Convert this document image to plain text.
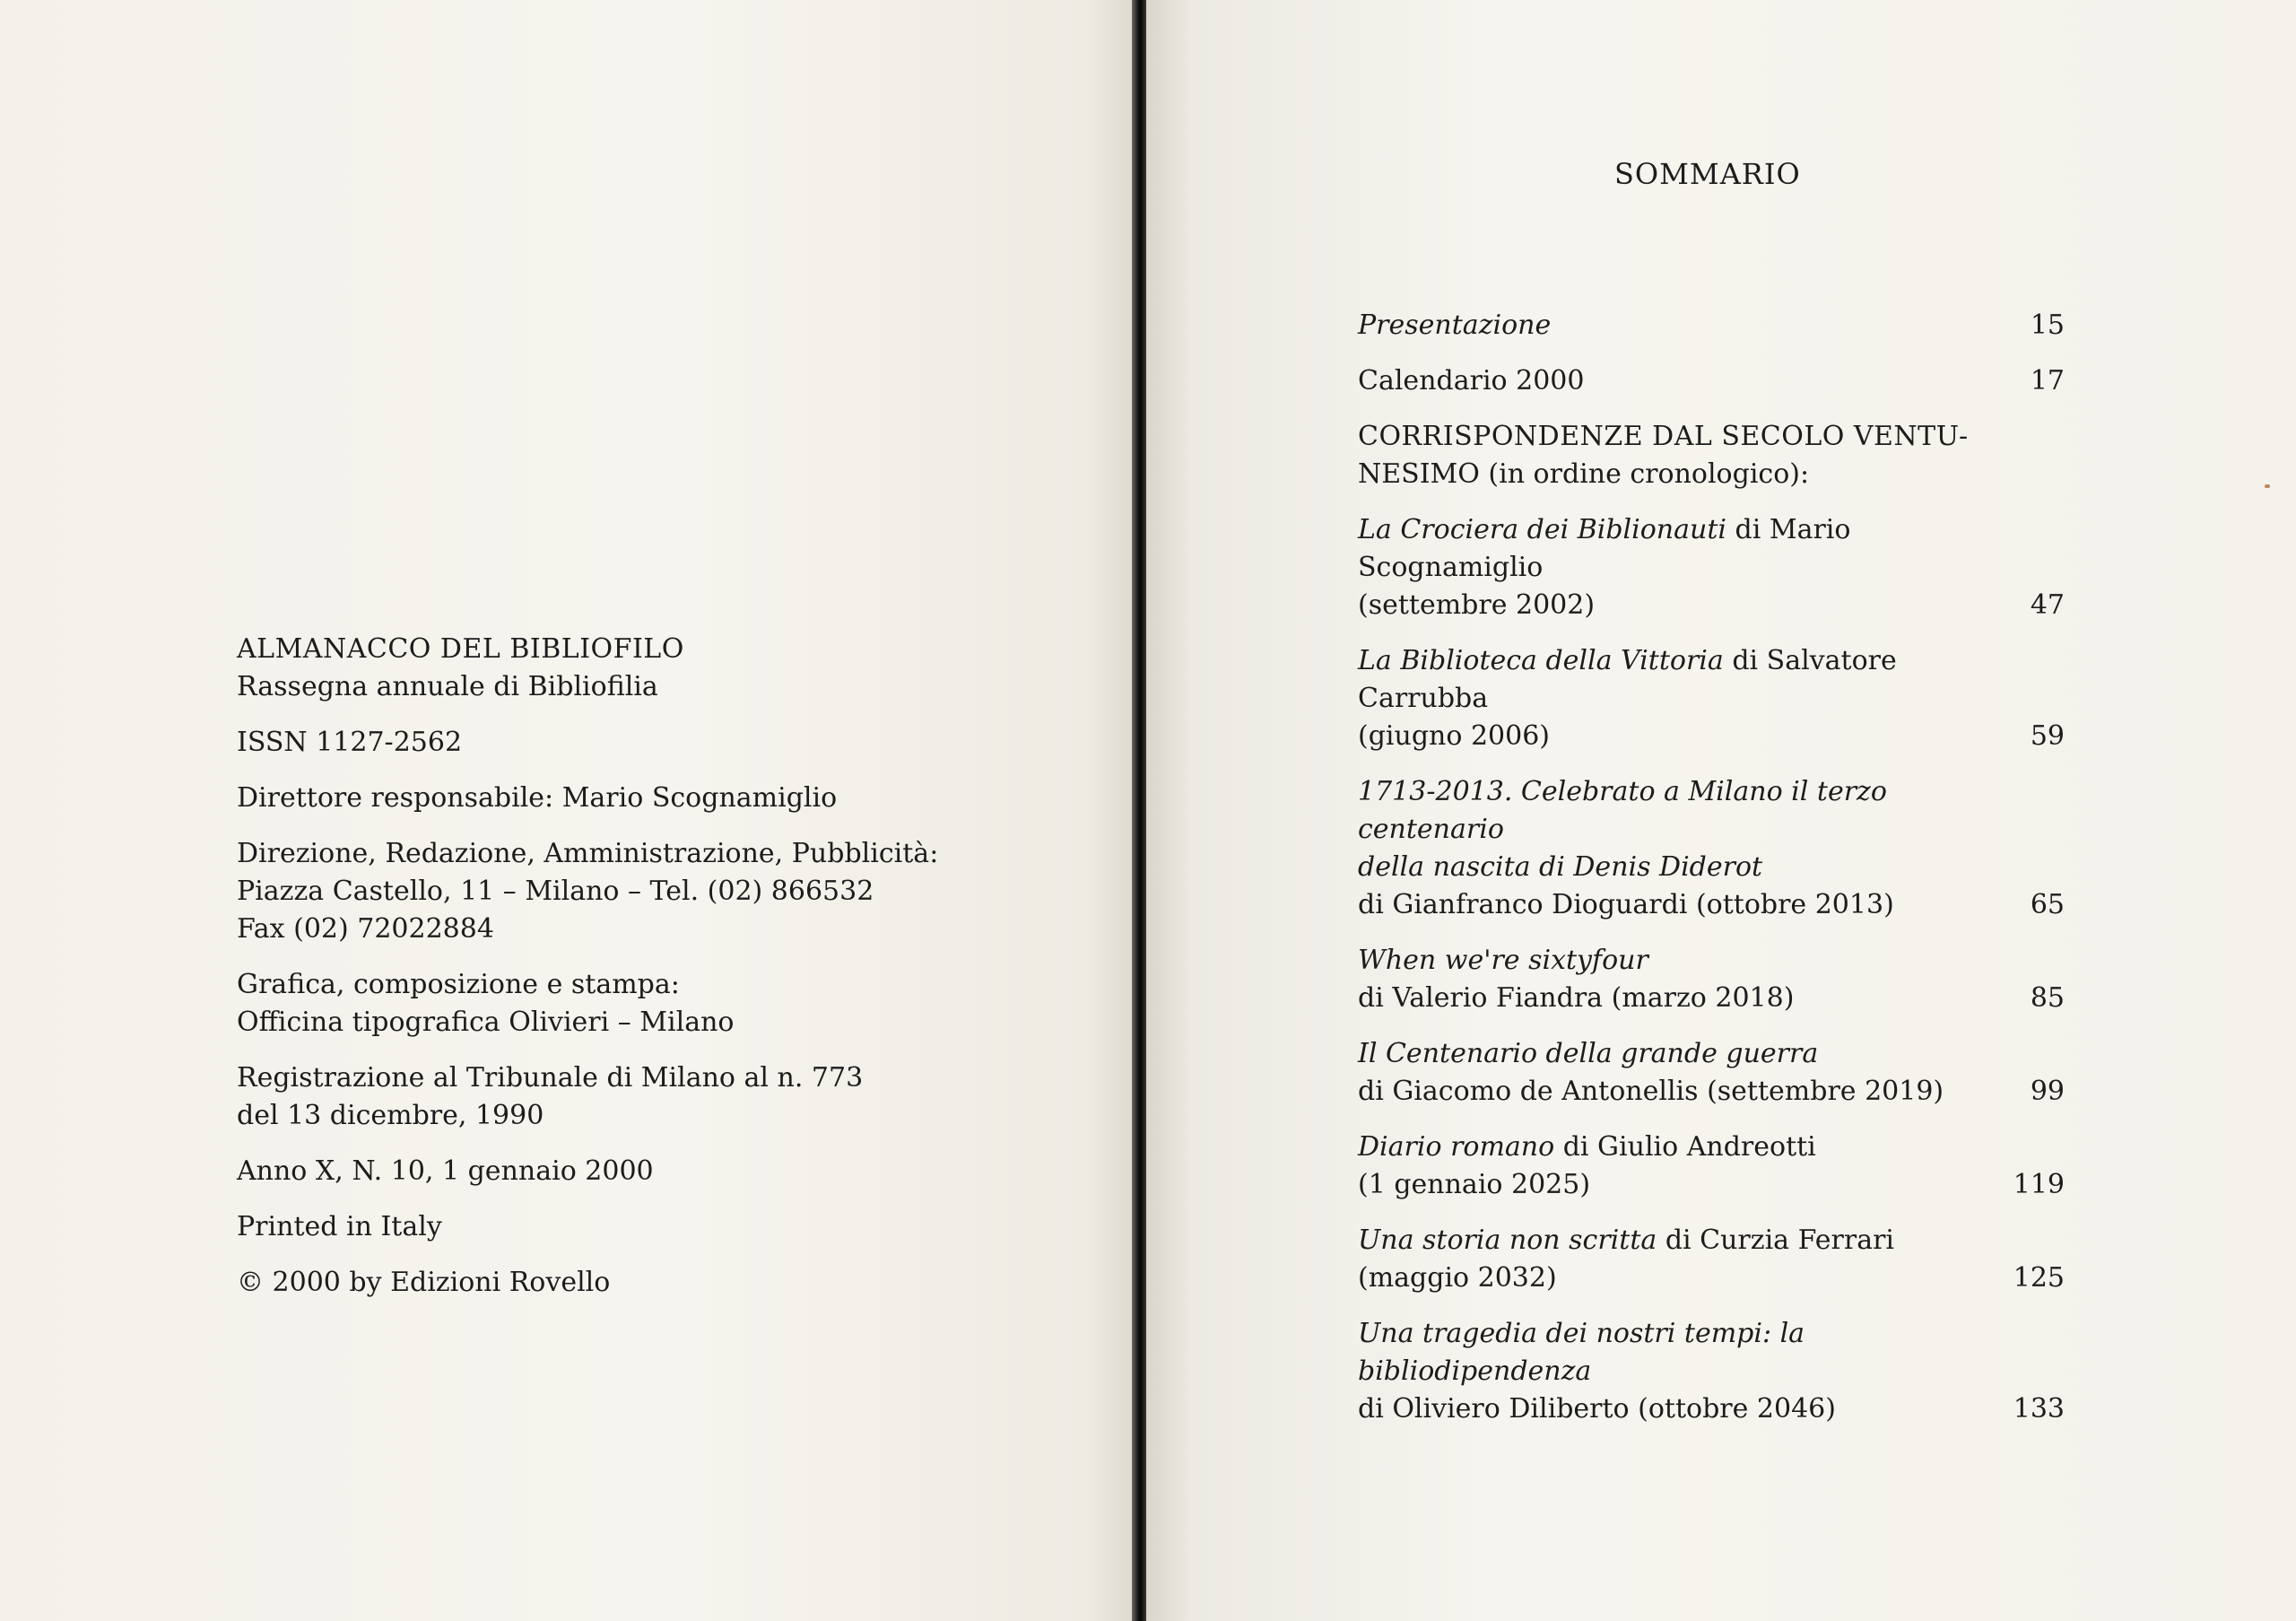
ALMANACCO DEL BIBLIOFILO
Rassegna annuale di Bibliofilia

ISSN 1127-2562

Direttore responsabile: Mario Scognamiglio

Direzione, Redazione, Amministrazione, Pubblicità:
Piazza Castello, 11 – Milano – Tel. (02) 866532
Fax (02) 72022884

Grafica, composizione e stampa:
Officina tipografica Olivieri – Milano

Registrazione al Tribunale di Milano al n. 773
del 13 dicembre, 1990

Anno X, N. 10, 1 gennaio 2000

Printed in Italy

© 2000 by Edizioni Rovello

SOMMARIO
Presentazione	15
Calendario 2000	17
CORRISPONDENZE DAL SECOLO VENTU-
NESIMO (in ordine cronologico):
La Crociera dei Biblionauti di Mario Scognamiglio
(settembre 2002)	47
La Biblioteca della Vittoria di Salvatore Carrubba
(giugno 2006)	59
1713-2013. Celebrato a Milano il terzo centenario
della nascita di Denis Diderot
di Gianfranco Dioguardi (ottobre 2013)	65
When we're sixtyfour
di Valerio Fiandra (marzo 2018)	85
Il Centenario della grande guerra
di Giacomo de Antonellis (settembre 2019)	99
Diario romano di Giulio Andreotti
(1 gennaio 2025)	119
Una storia non scritta di Curzia Ferrari
(maggio 2032)	125
Una tragedia dei nostri tempi: la bibliodipendenza
di Oliviero Diliberto (ottobre 2046)	133
